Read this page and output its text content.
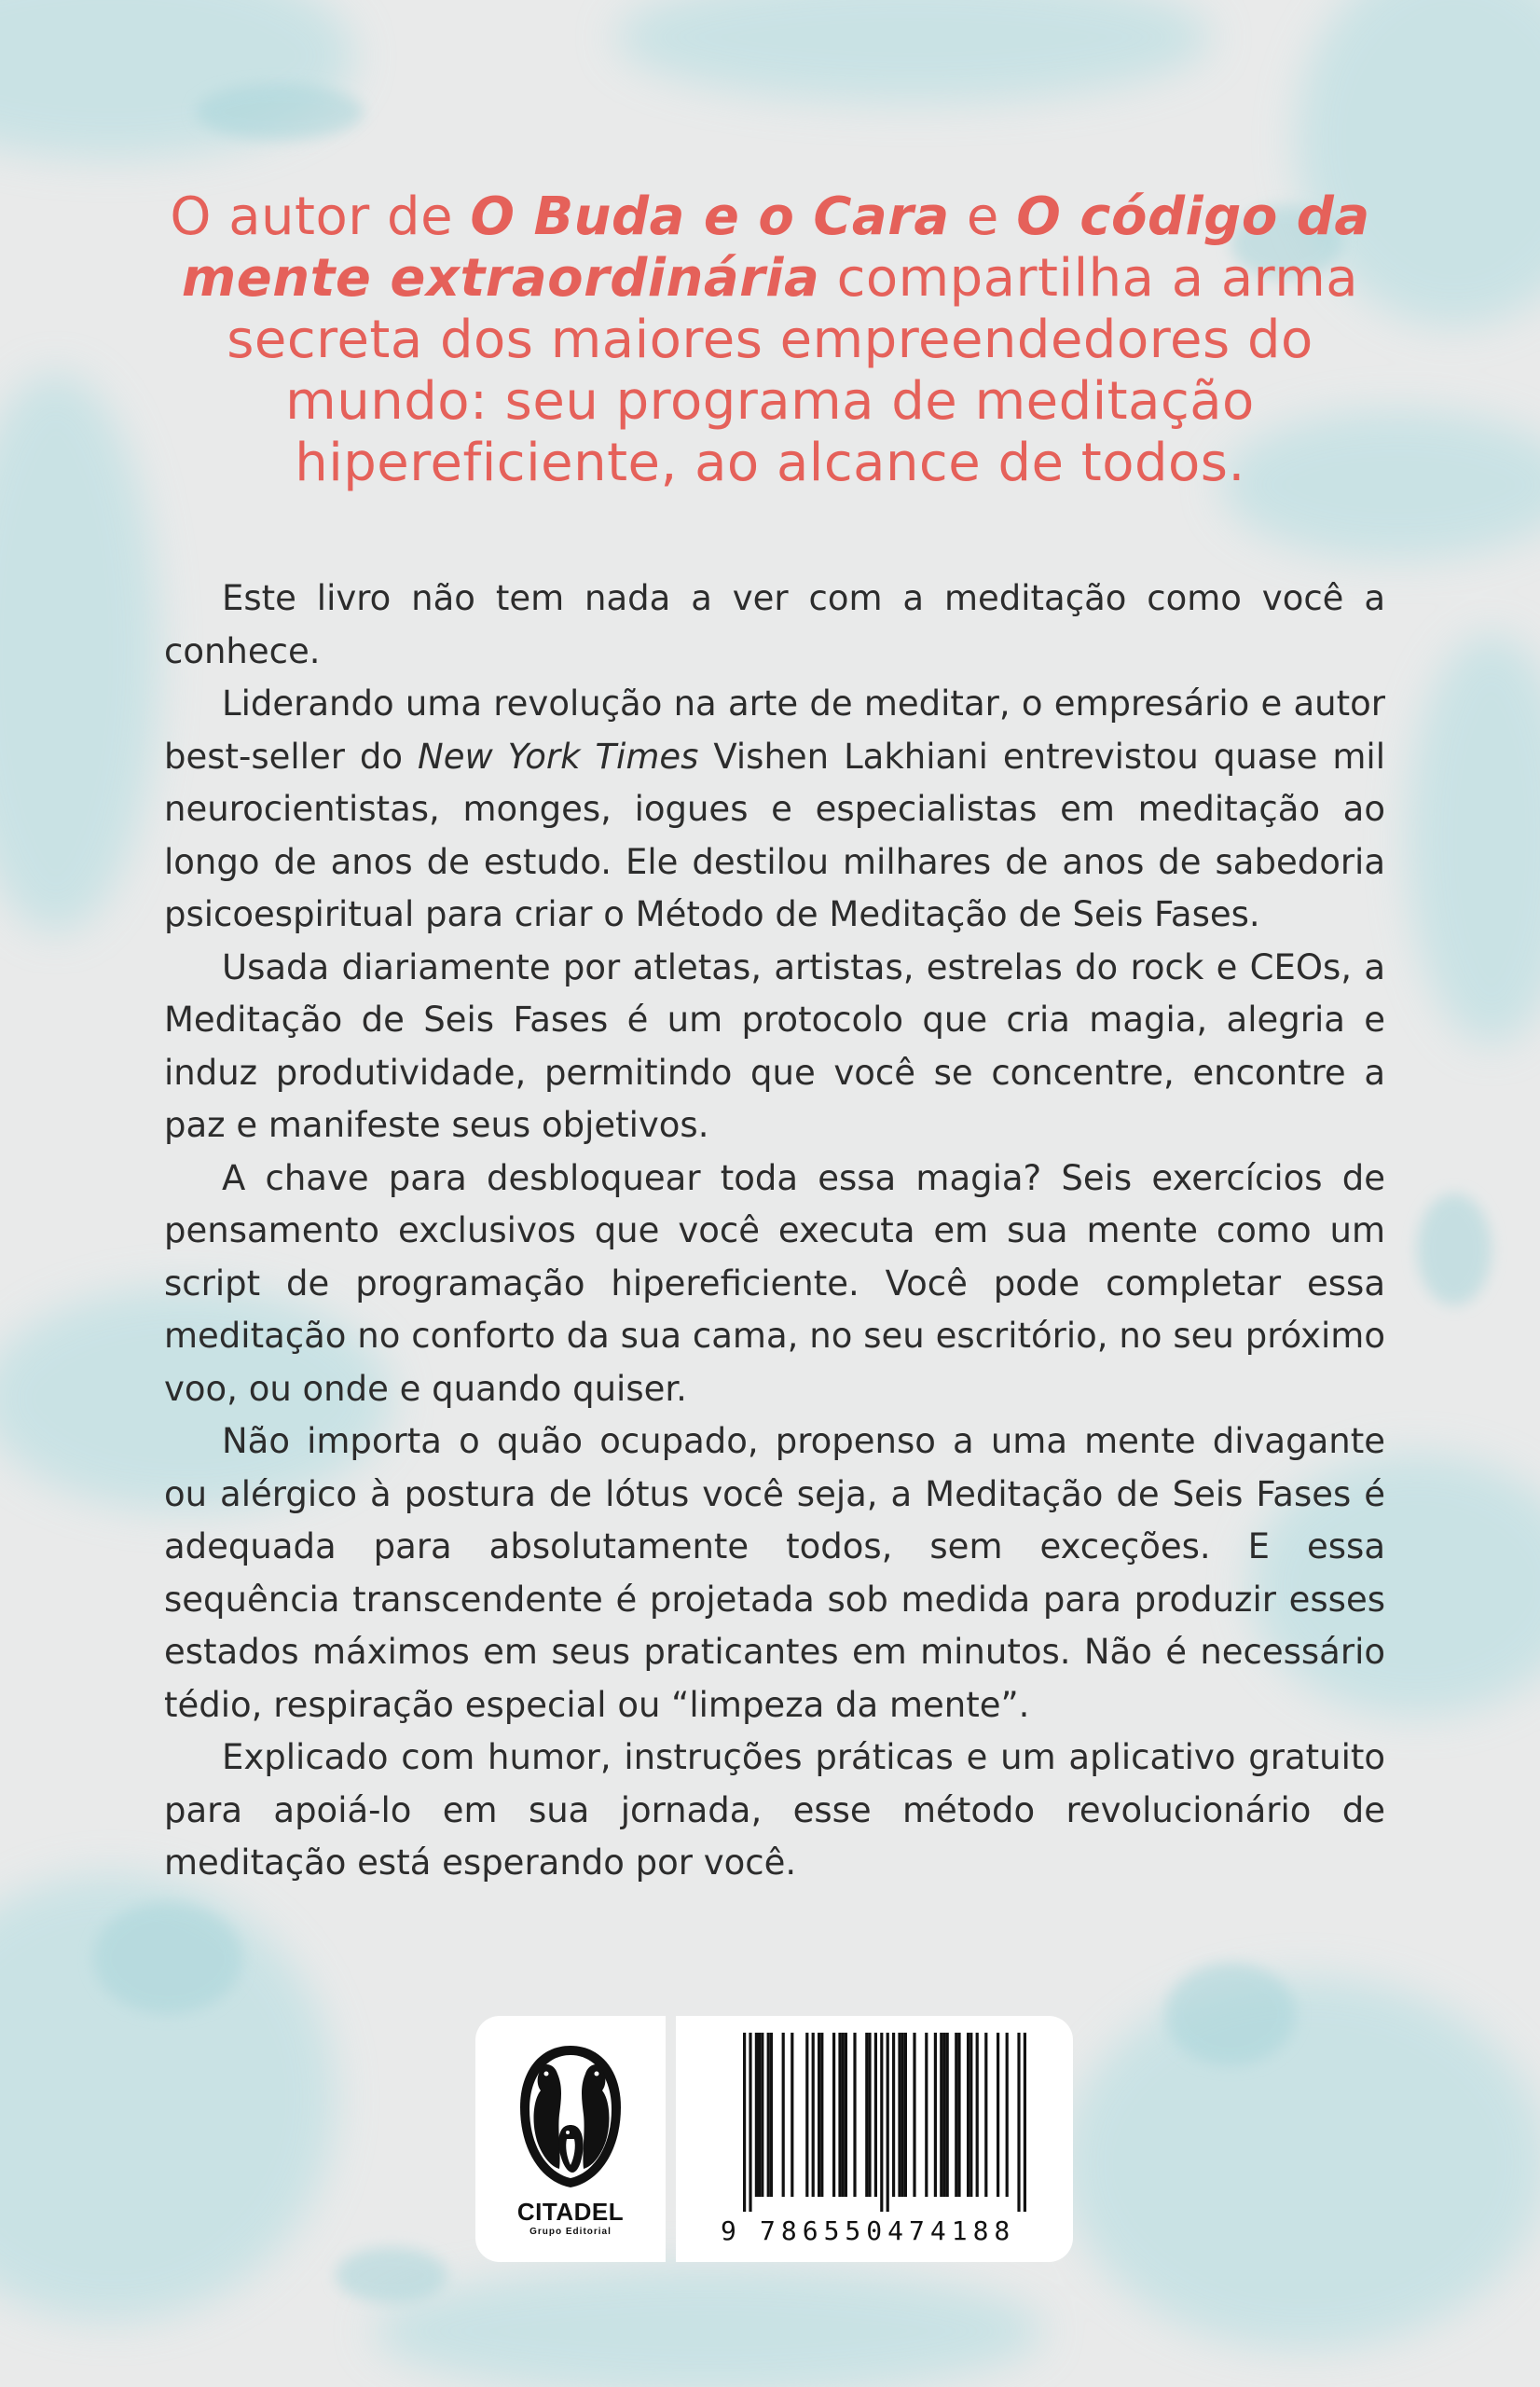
O autor de O Buda e o Cara e O código da mente extraordinária compartilha a arma secreta dos maiores empreendedores do mundo: seu programa de meditação hipereficiente, ao alcance de todos.

Este livro não tem nada a ver com a meditação como você a conhece.

Liderando uma revolução na arte de meditar, o empresário e autor best-seller do New York Times Vishen Lakhiani entrevistou quase mil neurocientistas, monges, iogues e especialistas em meditação ao longo de anos de estudo. Ele destilou milhares de anos de sabedoria psicoespiritual para criar o Método de Meditação de Seis Fases.

Usada diariamente por atletas, artistas, estrelas do rock e CEOs, a Meditação de Seis Fases é um protocolo que cria magia, alegria e induz produtividade, permitindo que você se concentre, encontre a paz e manifeste seus objetivos.

A chave para desbloquear toda essa magia? Seis exercícios de pensamento exclusivos que você executa em sua mente como um script de programação hipereficiente. Você pode completar essa meditação no conforto da sua cama, no seu escritório, no seu próximo voo, ou onde e quando quiser.

Não importa o quão ocupado, propenso a uma mente divagante ou alérgico à postura de lótus você seja, a Meditação de Seis Fases é adequada para absolutamente todos, sem exceções. E essa sequência transcendente é projetada sob medida para produzir esses estados máximos em seus praticantes em minutos. Não é necessário tédio, respiração especial ou “limpeza da mente”.

Explicado com humor, instruções práticas e um aplicativo gratuito para apoiá-lo em sua jornada, esse método revolucionário de meditação está esperando por você.

CITADEL
Grupo Editorial	9 786550474188
